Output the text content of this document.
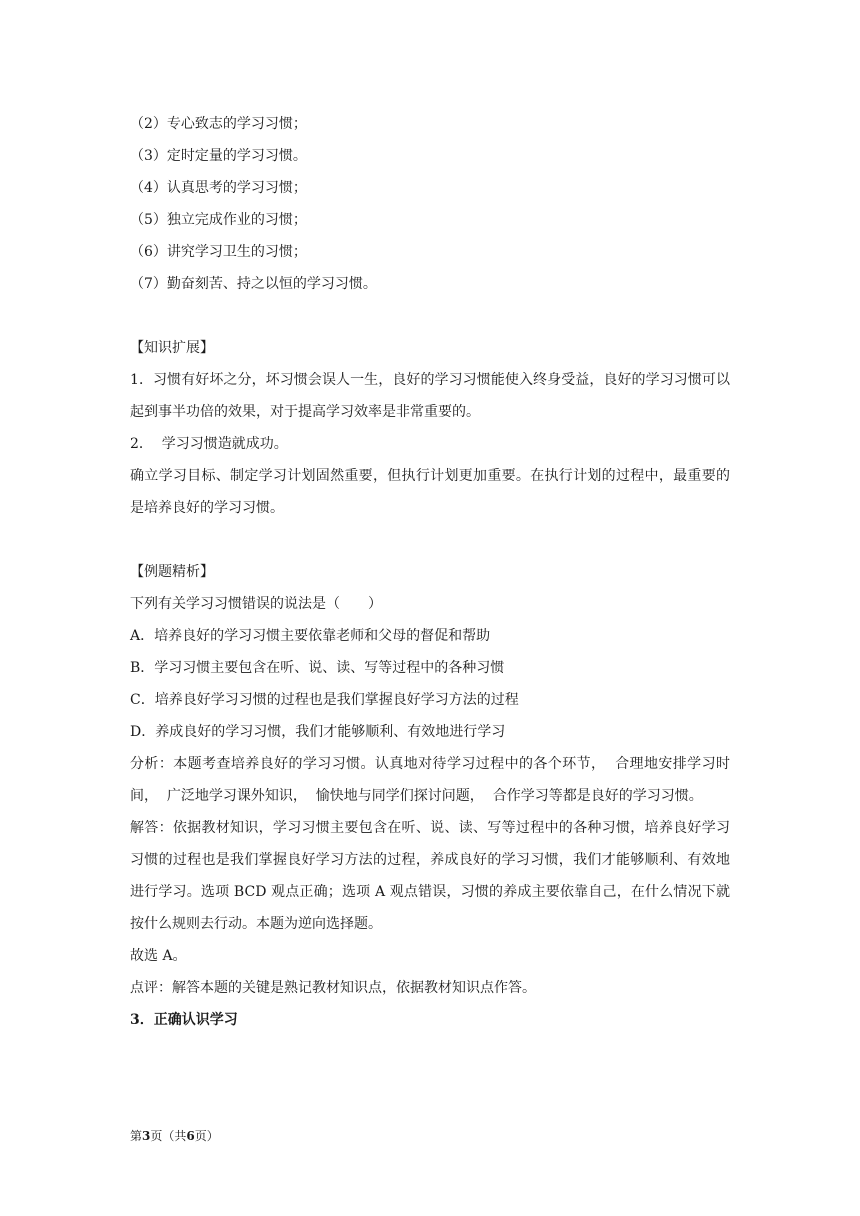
（2）专心致志的学习习惯；
（3）定时定量的学习习惯。
（4）认真思考的学习习惯；
（5）独立完成作业的习惯；
（6）讲究学习卫生的习惯；
（7）勤奋刻苦、持之以恒的学习习惯。
【知识扩展】
1．习惯有好坏之分，坏习惯会误人一生，良好的学习习惯能使入终身受益，良好的学习习惯可以起到事半功倍的效果，对于提高学习效率是非常重要的。
2．  学习习惯造就成功。
确立学习目标、制定学习计划固然重要，但执行计划更加重要。在执行计划的过程中，最重要的是培养良好的学习习惯。
【例题精析】
下列有关学习习惯错误的说法是（　　）
A．培养良好的学习习惯主要依靠老师和父母的督促和帮助
B．学习习惯主要包含在听、说、读、写等过程中的各种习惯
C．培养良好学习习惯的过程也是我们掌握良好学习方法的过程
D．养成良好的学习习惯，我们才能够顺利、有效地进行学习
分析：本题考查培养良好的学习习惯。认真地对待学习过程中的各个环节，  合理地安排学习时间，  广泛地学习课外知识，  愉快地与同学们探讨问题，  合作学习等都是良好的学习习惯。
解答：依据教材知识，学习习惯主要包含在听、说、读、写等过程中的各种习惯，培养良好学习习惯的过程也是我们掌握良好学习方法的过程，养成良好的学习习惯，我们才能够顺利、有效地进行学习。选项 BCD 观点正确；选项 A 观点错误，习惯的养成主要依靠自己，在什么情况下就按什么规则去行动。本题为逆向选择题。
故选 A。
点评：解答本题的关键是熟记教材知识点，依据教材知识点作答。
3．正确认识学习
第3页（共6页）
